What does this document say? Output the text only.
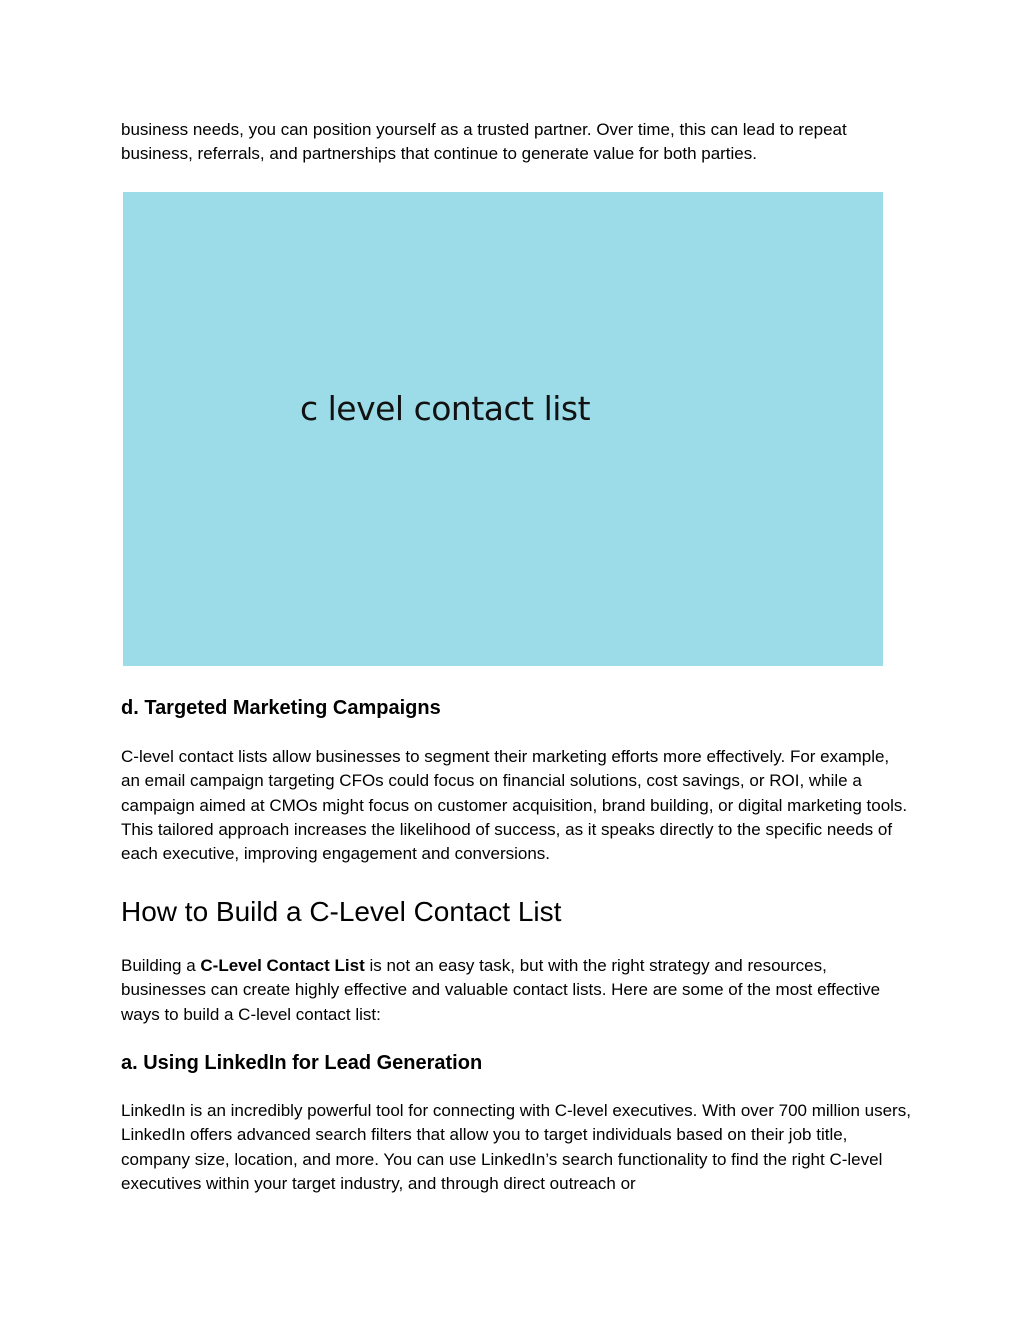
business needs, you can position yourself as a trusted partner. Over time, this can lead to repeat business, referrals, and partnerships that continue to generate value for both parties.

c level contact list
d. Targeted Marketing Campaigns

C-level contact lists allow businesses to segment their marketing efforts more effectively. For example, an email campaign targeting CFOs could focus on financial solutions, cost savings, or ROI, while a campaign aimed at CMOs might focus on customer acquisition, brand building, or digital marketing tools. This tailored approach increases the likelihood of success, as it speaks directly to the specific needs of each executive, improving engagement and conversions.

How to Build a C-Level Contact List

Building a C-Level Contact List is not an easy task, but with the right strategy and resources, businesses can create highly effective and valuable contact lists. Here are some of the most effective ways to build a C-level contact list:

a. Using LinkedIn for Lead Generation

LinkedIn is an incredibly powerful tool for connecting with C-level executives. With over 700 million users, LinkedIn offers advanced search filters that allow you to target individuals based on their job title, company size, location, and more. You can use LinkedIn’s search functionality to find the right C-level executives within your target industry, and through direct outreach or
